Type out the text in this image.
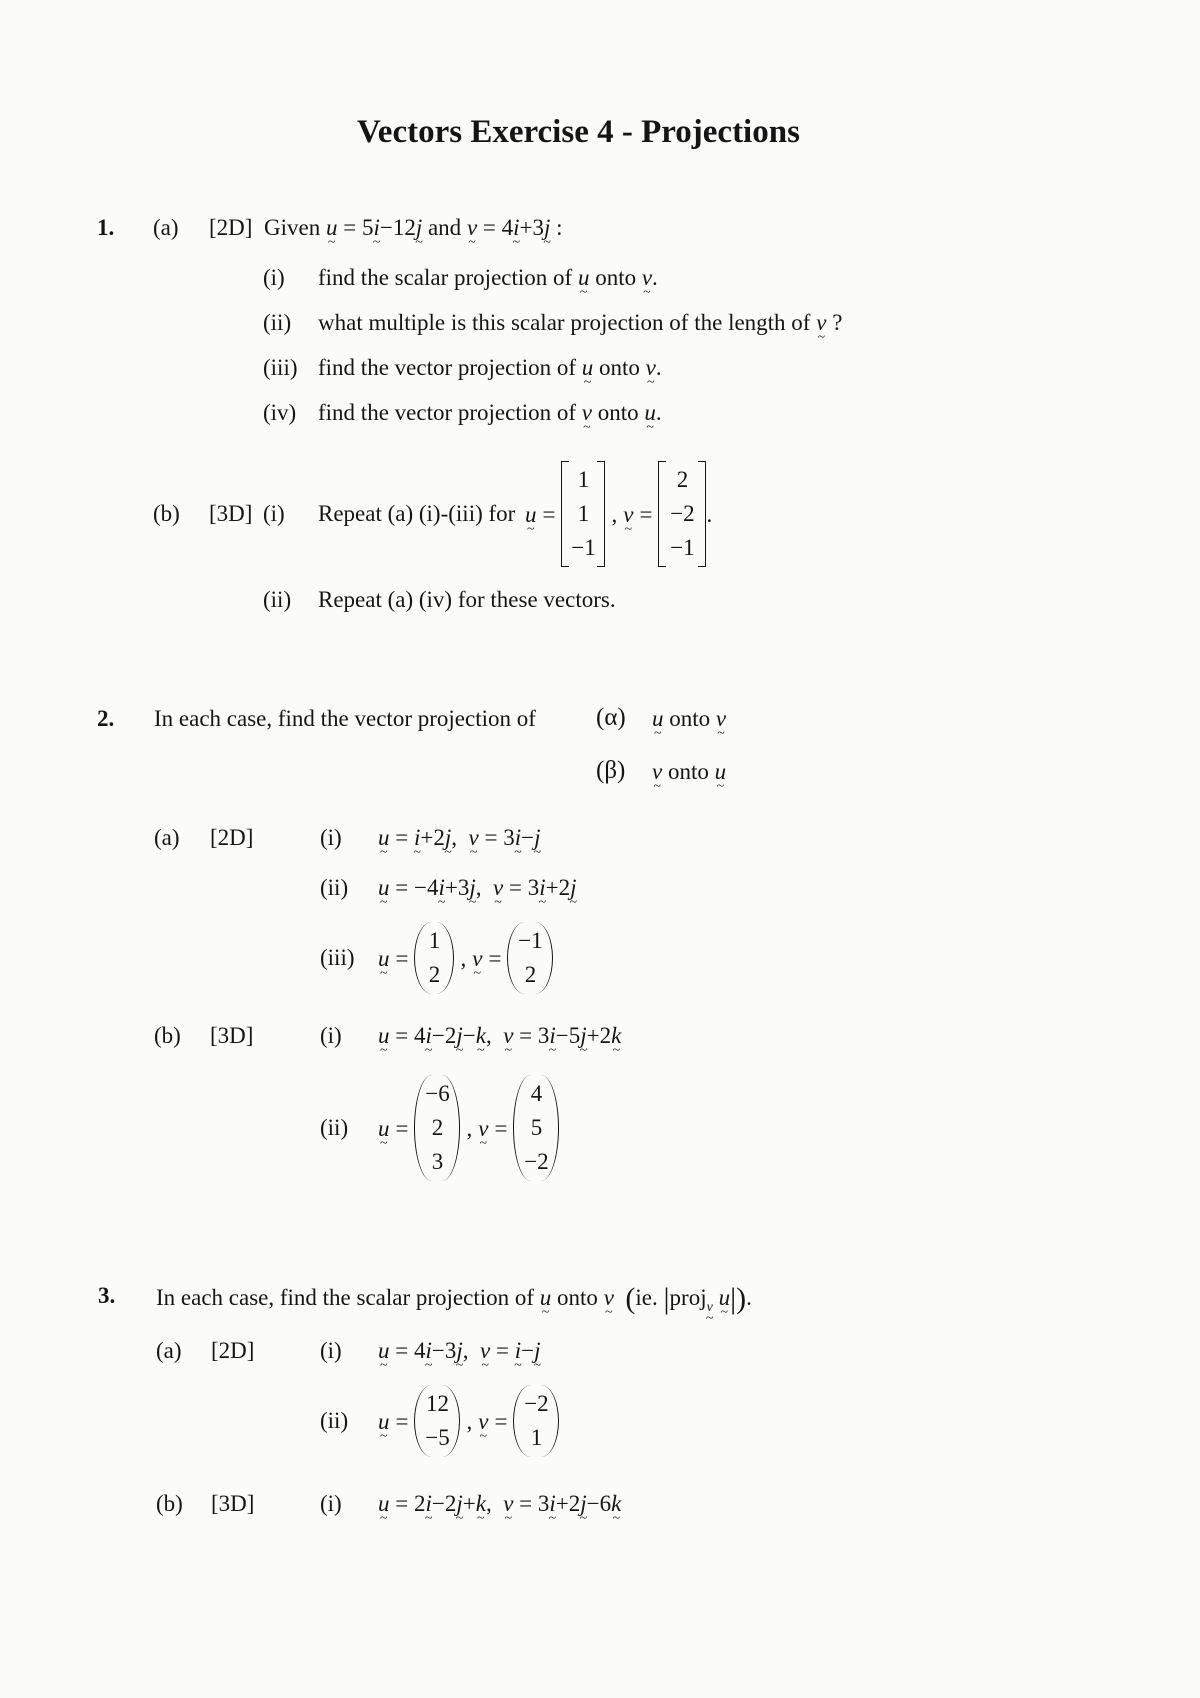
Vectors Exercise 4 - Projections
1. (a) [2D] Given u ~ = 5i ~−12j ~ and v ~ = 4i ~+3j ~ :
(i) find the scalar projection of u ~ onto v ~.
(ii) what multiple is this scalar projection of the length of v ~ ?
(iii) find the vector projection of u ~ onto v ~.
(iv) find the vector projection of v ~ onto u ~.
(b) [3D] (i) Repeat (a) (i)-(iii) for u ~ =
1
1
−1
, v ~ =
2
−2
−1
.
(ii) Repeat (a) (iv) for these vectors.
2. In each case, find the vector projection of (α) u ~ onto v ~
(β) v ~ onto u ~
(a) [2D]	(i) u ~ = i ~+2j ~, v ~ = 3i ~−j ~
(ii) u ~ = −4i ~+3j ~, v ~ = 3i ~+2j ~
(iii) u ~ =
1
2
, v ~ =
−1
2
(b) [3D]	(i) u ~ = 4i ~−2j ~−k ~, v ~ = 3i ~−5j ~+2k ~
(ii) u ~ =
−6
2
3
, v ~ =
4
5
−2
3. In each case, find the scalar projection of u ~ onto v ~ (ie. |proj$_v$ ~ u ~|).
(a) [2D]	(i) u ~ = 4i ~−3j ~, v ~ = i ~−j ~
(ii) u ~ =
12
−5
, v ~ =
−2
1
(b) [3D]	(i) u ~ = 2i ~−2j ~+k ~, v ~ = 3i ~+2j ~−6k ~
